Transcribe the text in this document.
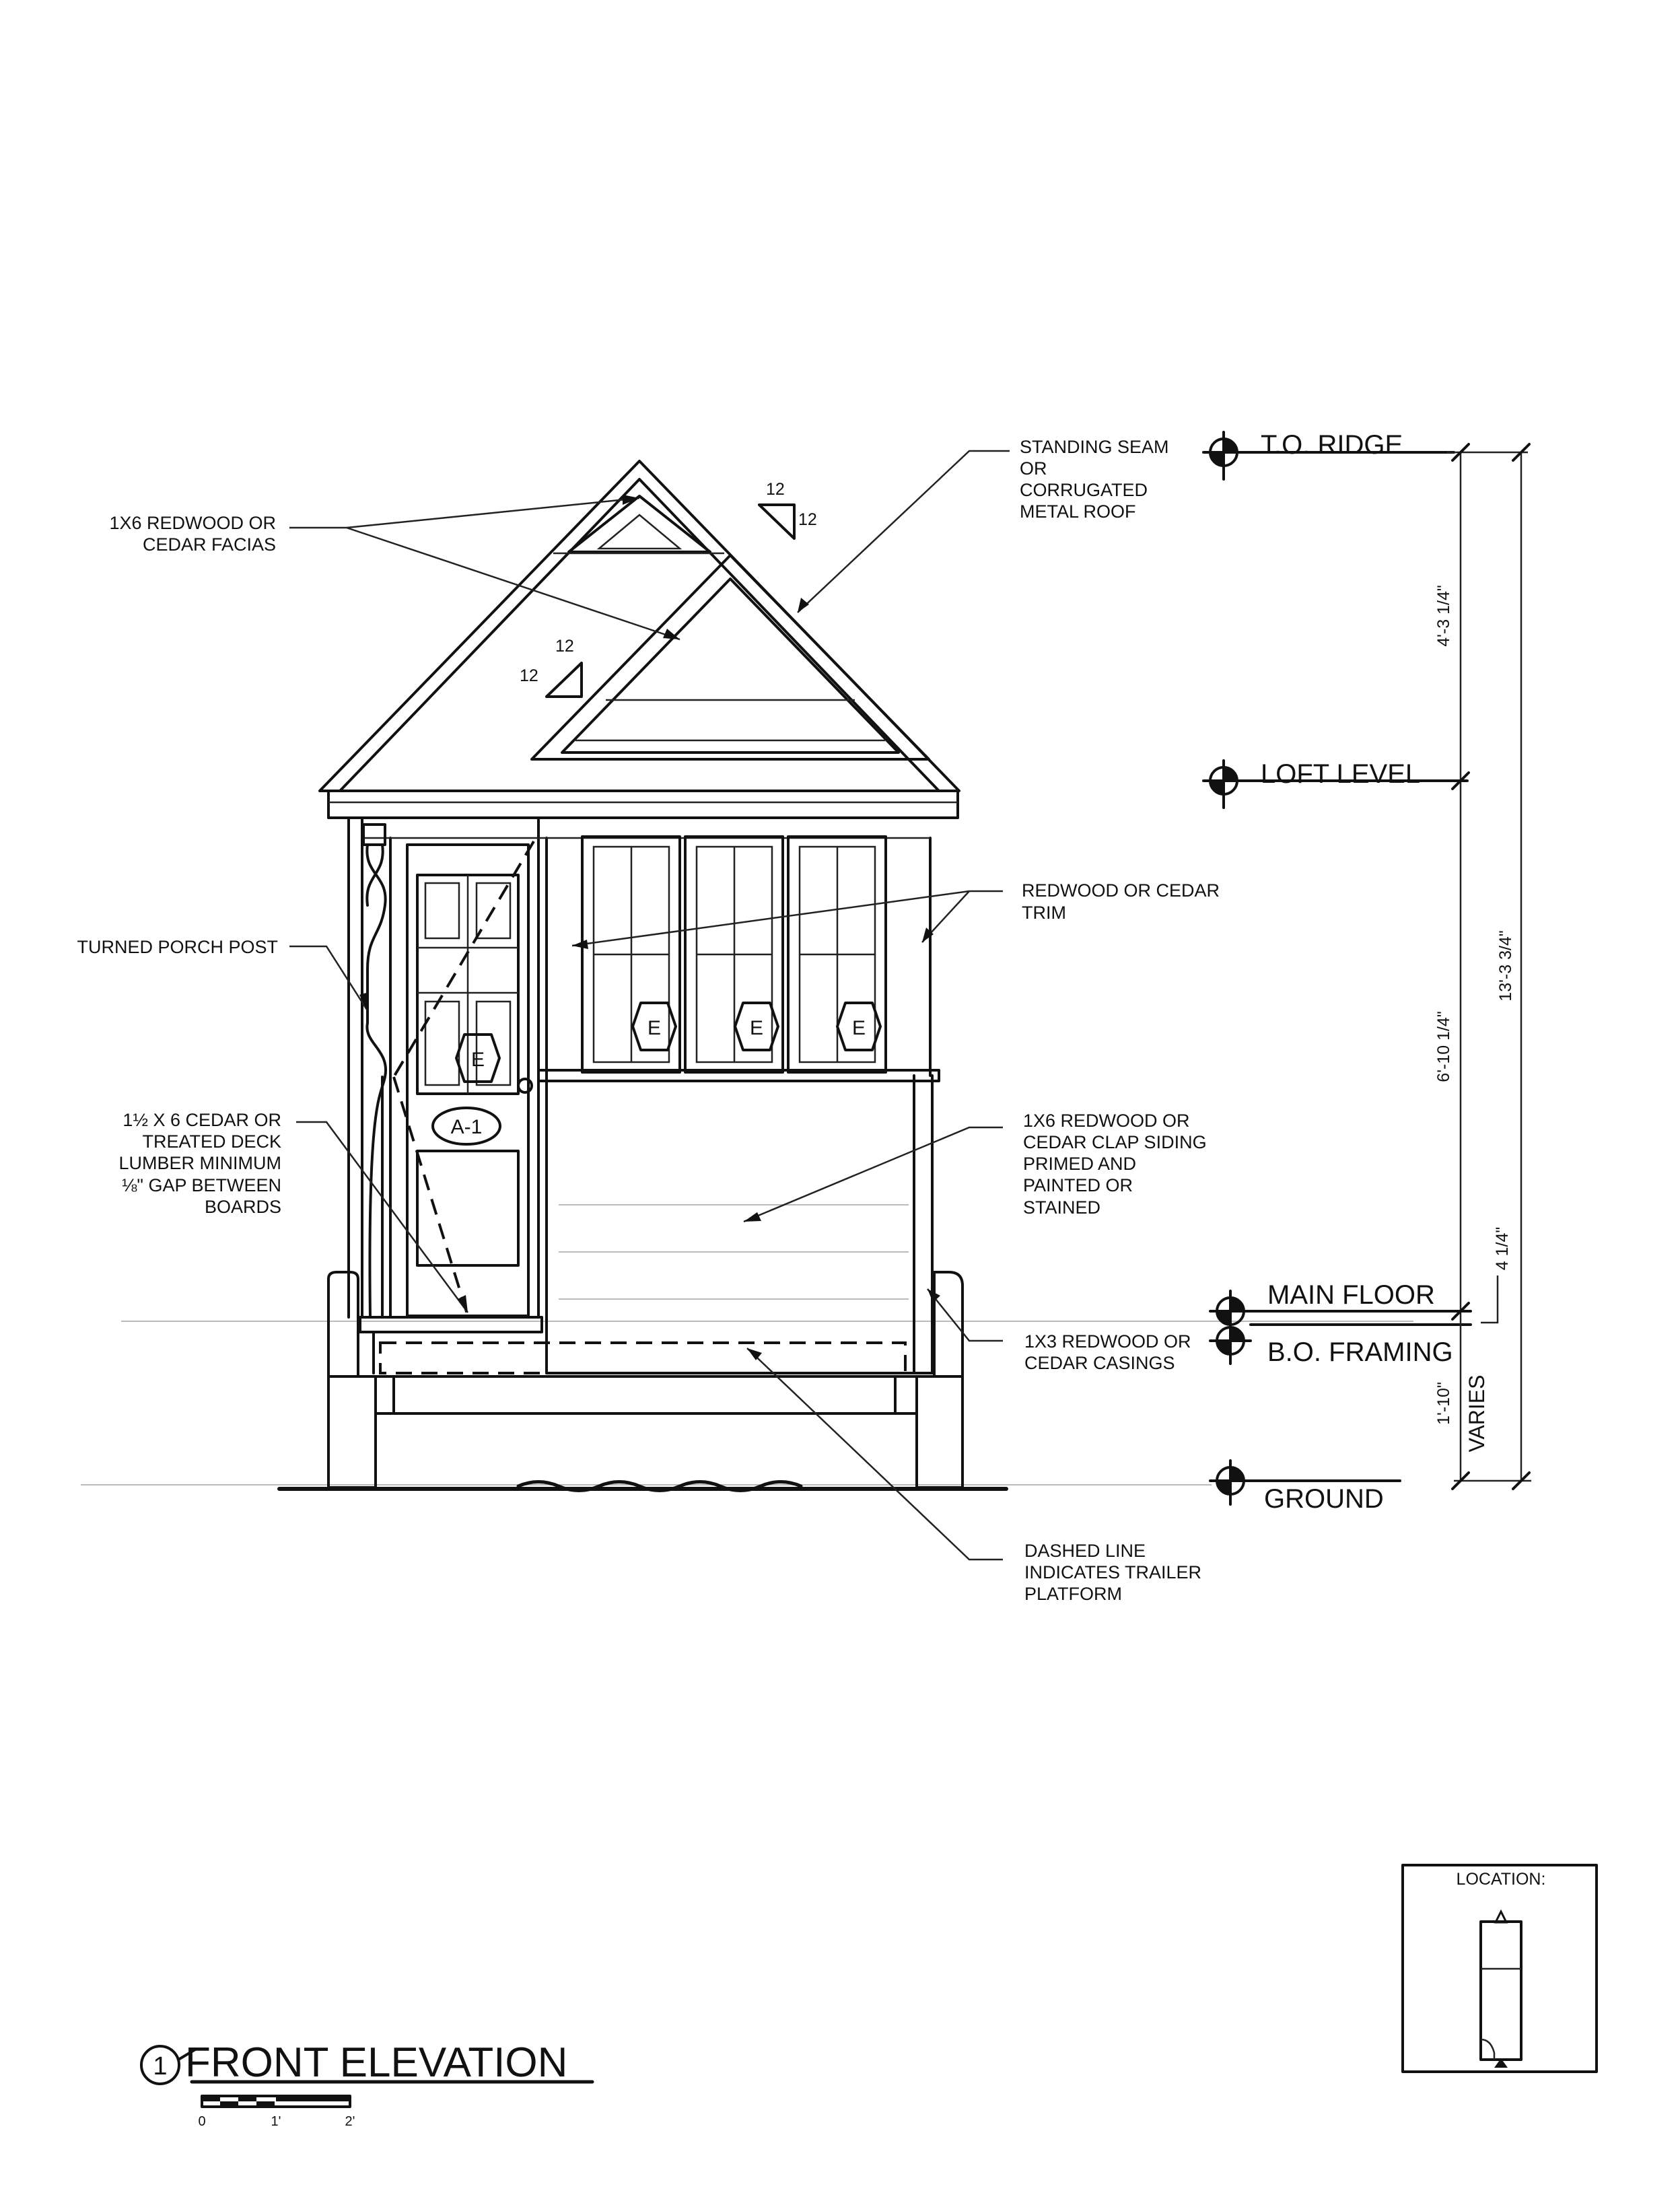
12
12
12
12
E
A-1
E	E	E
1X6 REDWOOD OR
CEDAR FACIAS
STANDING SEAM
OR
CORRUGATED
METAL ROOF
TURNED PORCH POST
1½ X 6 CEDAR OR
TREATED DECK
LUMBER MINIMUM
⅛" GAP BETWEEN
BOARDS
REDWOOD OR CEDAR
TRIM
1X6 REDWOOD OR
CEDAR CLAP SIDING
PRIMED AND
PAINTED OR
STAINED
1X3 REDWOOD OR
CEDAR CASINGS
DASHED LINE
INDICATES TRAILER
PLATFORM
T.O. RIDGE
LOFT LEVEL
MAIN FLOOR
B.O. FRAMING
GROUND
4'-3 1/4"
6'-10 1/4"
13'-3 3/4"
4 1/4"
1'-10" VARIES
LOCATION:
1 FRONT ELEVATION
0	1'	2'
